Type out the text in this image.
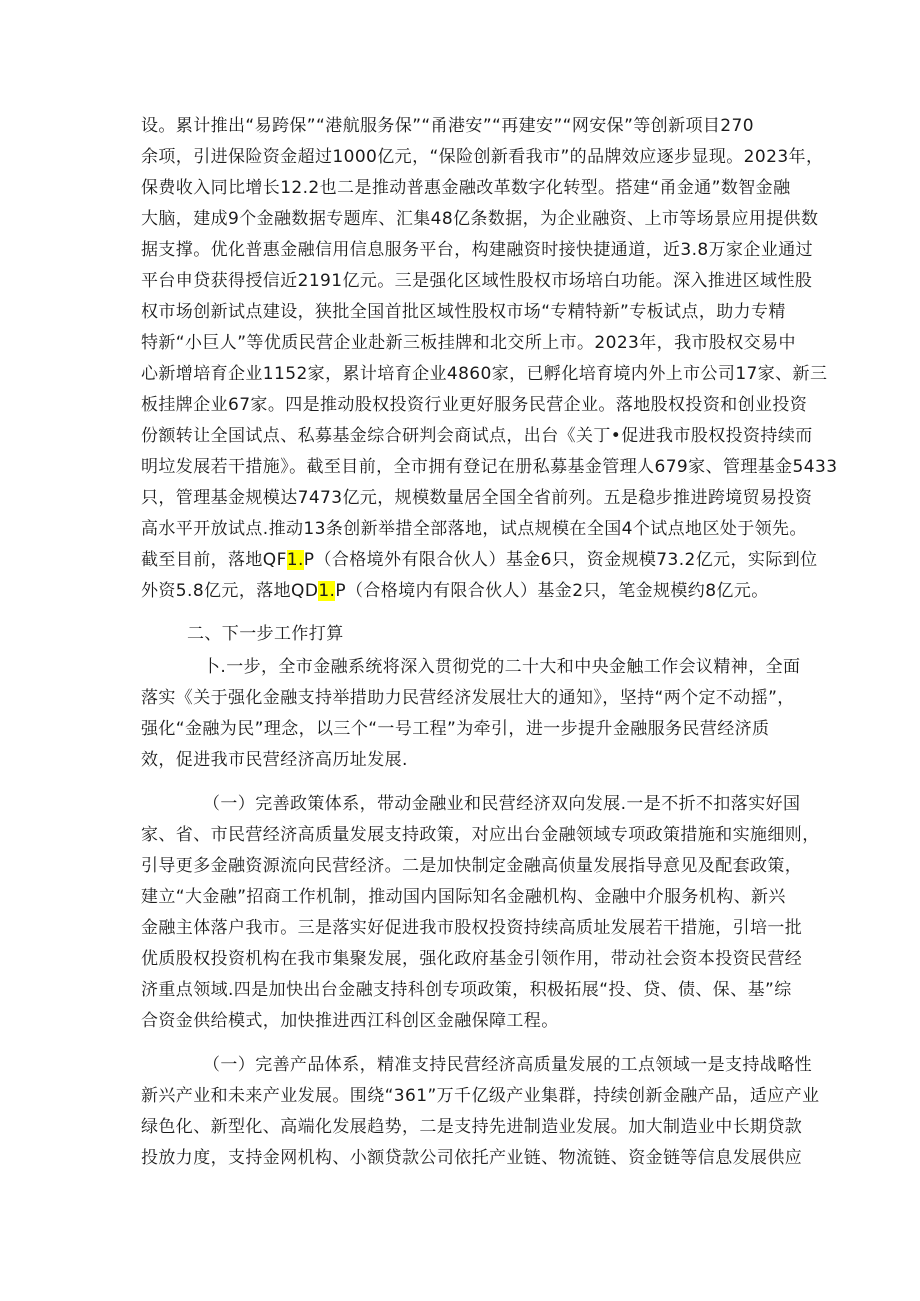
设。累计推出“易跨保”“港航服务保”“甬港安”“再建安”“网安保”等创新项目270
余项，引进保险资金超过1000亿元，“保险创新看我市”的品牌效应逐步显现。2023年，
保费收入同比增长12.2也二是推动普惠金融改革数字化转型。搭建“甬金通”数智金融
大脑，建成9个金融数据专题库、汇集48亿条数据，为企业融资、上市等场景应用提供数
据支撑。优化普惠金融信用信息服务平台，构建融资时接快捷通道，近3.8万家企业通过
平台申贷获得授信近2191亿元。三是强化区域性股权市场培白功能。深入推进区域性股
权市场创新试点建设，狭批全国首批区域性股权市场“专精特新”专板试点，助力专精
特新“小巨人”等优质民营企业赴新三板挂牌和北交所上市。2023年，我市股权交易中
心新增培育企业1152家，累计培育企业4860家，已孵化培育境内外上市公司17家、新三
板挂牌企业67家。四是推动股权投资行业更好服务民营企业。落地股权投资和创业投资
份额转让全国试点、私募基金综合研判会商试点，出台《关丁•促进我市股权投资持续而
明垃发展若干措施》。截至目前，全市拥有登记在册私募基金管理人679家、管理基金5433
只，管理基金规模达7473亿元，规模数量居全国全省前列。五是稳步推进跨境贸易投资
高水平开放试点.推动13条创新举措全部落地，试点规模在全国4个试点地区处于领先。
截至目前，落地QF1.P（合格境外有限合伙人）基金6只，资金规模73.2亿元，实际到位
外资5.8亿元，落地QD1.P（合格境内有限合伙人）基金2只，笔金规模约8亿元。
二、下一步工作打算
卜.一步，全市金融系统将深入贯彻党的二十大和中央金触工作会议精神，全面
落实《关于强化金融支持举措助力民营经济发展壮大的通知》，坚持“两个定不动摇”，
强化“金融为民”理念，以三个“一号工程”为牵引，进一步提升金融服务民营经济质
效，促进我市民营经济高历址发展.
（一）完善政策体系，带动金融业和民营经济双向发展.一是不折不扣落实好国
家、省、市民营经济高质量发展支持政策，对应出台金融领域专项政策措施和实施细则，
引导更多金融资源流向民营经济。二是加快制定金融高侦量发展指导意见及配套政策，
建立“大金融”招商工作机制，推动国内国际知名金融机构、金融中介服务机构、新兴
金融主体落户我市。三是落实好促进我市股权投资持续高质址发展若干措施，引培一批
优质股权投资机构在我市集聚发展，强化政府基金引领作用，带动社会资本投资民营经
济重点领域.四是加快出台金融支持科创专项政策，积极拓展“投、贷、债、保、基”综
合资金供给模式，加快推进西江科创区金融保障工程。
（一）完善产品体系，精准支持民营经济高质量发展的工点领域一是支持战略性
新兴产业和未来产业发展。围绕“361”万千亿级产业集群，持续创新金融产品，适应产业
绿色化、新型化、高端化发展趋势，二是支持先进制造业发展。加大制造业中长期贷款
投放力度，支持金网机构、小额贷款公司依托产业链、物流链、资金链等信息发展供应
